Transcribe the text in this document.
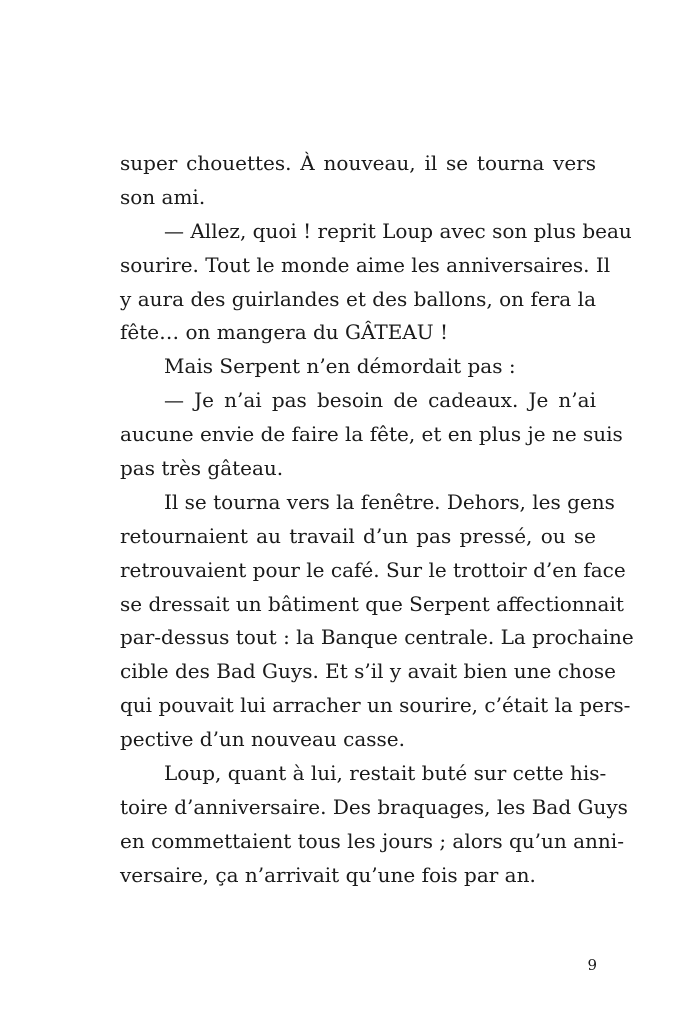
super chouettes. À nouveau, il se tourna vers
son ami.
— Allez, quoi ! reprit Loup avec son plus beau
sourire. Tout le monde aime les anniversaires. Il
y aura des guirlandes et des ballons, on fera la
fête… on mangera du GÂTEAU !
Mais Serpent n’en démordait pas :
— Je n’ai pas besoin de cadeaux. Je n’ai
aucune envie de faire la fête, et en plus je ne suis
pas très gâteau.
Il se tourna vers la fenêtre. Dehors, les gens
retournaient au travail d’un pas pressé, ou se
retrouvaient pour le café. Sur le trottoir d’en face
se dressait un bâtiment que Serpent affectionnait
par-dessus tout : la Banque centrale. La prochaine
cible des Bad Guys. Et s’il y avait bien une chose
qui pouvait lui arracher un sourire, c’était la pers-
pective d’un nouveau casse.
Loup, quant à lui, restait buté sur cette his-
toire d’anniversaire. Des braquages, les Bad Guys
en commettaient tous les jours ; alors qu’un anni-
versaire, ça n’arrivait qu’une fois par an.
9
